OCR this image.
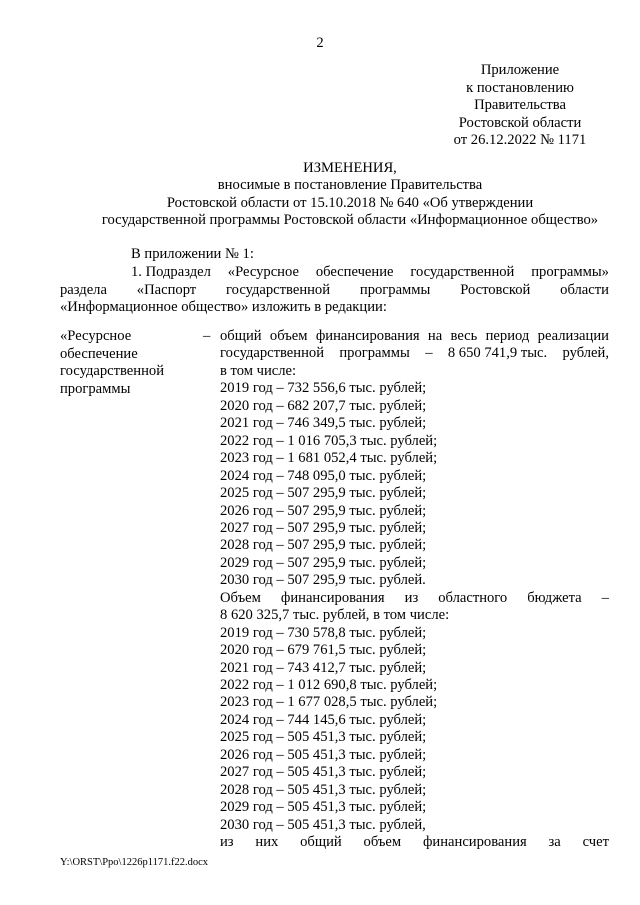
2
Приложение
к постановлению
Правительства
Ростовской области
от 26.12.2022 № 1171
ИЗМЕНЕНИЯ,
вносимые в постановление Правительства
Ростовской области от 15.10.2018 № 640 «Об утверждении
государственной программы Ростовской области «Информационное общество»
В приложении № 1:
1. Подраздел «Ресурсное обеспечение государственной программы»
раздела «Паспорт государственной программы Ростовской области
«Информационное общество» изложить в редакции:
«Ресурсное
обеспечение
государственной
программы
– общий объем финансирования на весь период реализации
государственной программы – 8 650 741,9 тыс. рублей,
в том числе:
2019 год – 732 556,6 тыс. рублей;
2020 год – 682 207,7 тыс. рублей;
2021 год – 746 349,5 тыс. рублей;
2022 год – 1 016 705,3 тыс. рублей;
2023 год – 1 681 052,4 тыс. рублей;
2024 год – 748 095,0 тыс. рублей;
2025 год – 507 295,9 тыс. рублей;
2026 год – 507 295,9 тыс. рублей;
2027 год – 507 295,9 тыс. рублей;
2028 год – 507 295,9 тыс. рублей;
2029 год – 507 295,9 тыс. рублей;
2030 год – 507 295,9 тыс. рублей.
Объем финансирования из областного бюджета –
8 620 325,7 тыс. рублей, в том числе:
2019 год – 730 578,8 тыс. рублей;
2020 год – 679 761,5 тыс. рублей;
2021 год – 743 412,7 тыс. рублей;
2022 год – 1 012 690,8 тыс. рублей;
2023 год – 1 677 028,5 тыс. рублей;
2024 год – 744 145,6 тыс. рублей;
2025 год – 505 451,3 тыс. рублей;
2026 год – 505 451,3 тыс. рублей;
2027 год – 505 451,3 тыс. рублей;
2028 год – 505 451,3 тыс. рублей;
2029 год – 505 451,3 тыс. рублей;
2030 год – 505 451,3 тыс. рублей,
из них общий объем финансирования за счет
Y:\ORST\Ppo\1226p1171.f22.docx
